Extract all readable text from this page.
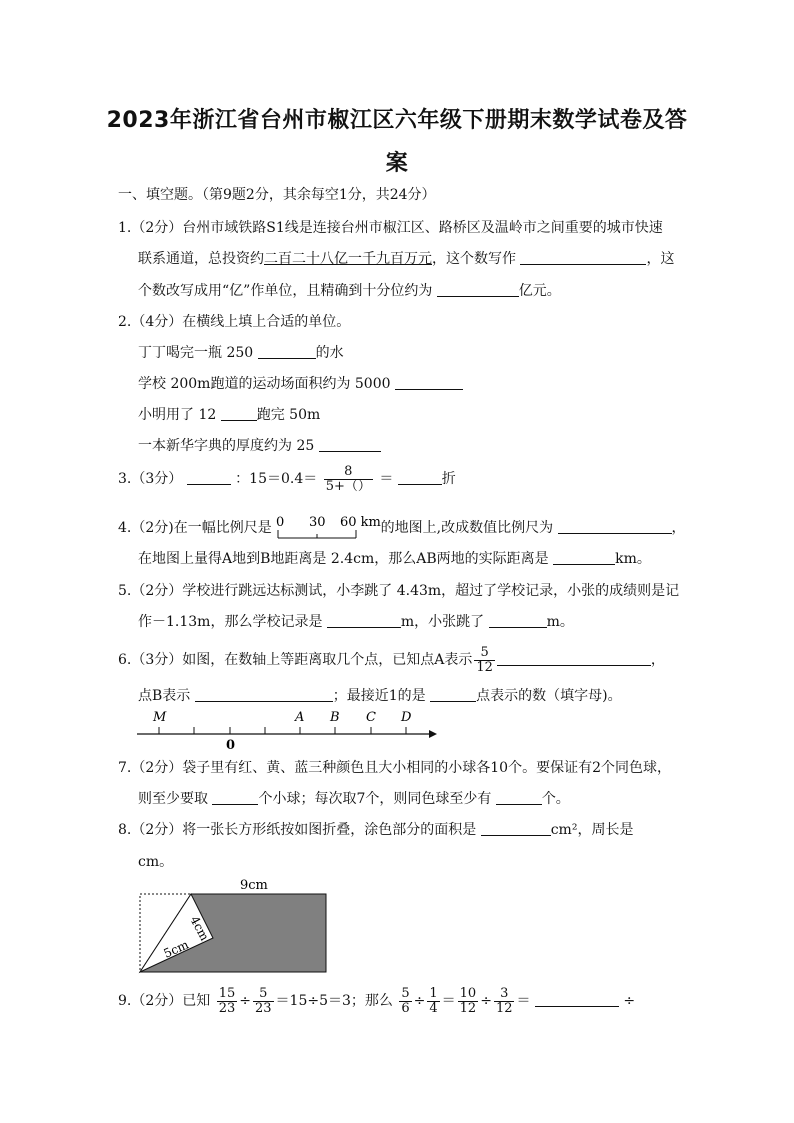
2023年浙江省台州市椒江区六年级下册期末数学试卷及答
案
一、填空题。（第9题2分，其余每空1分，共24分）
1.（2分）台州市域铁路S1线是连接台州市椒江区、路桥区及温岭市之间重要的城市快速
联系通道，总投资约二百二十八亿一千九百万元，这个数写作	，这
个数改写成用“亿”作单位，且精确到十分位约为	亿元。
2.（4分）在横线上填上合适的单位。
丁丁喝完一瓶 250	的水
学校 200m跑道的运动场面积约为 5000
小明用了 12	跑完 50m
一本新华字典的厚度约为 25
3.（3分）	：$15=0.4= \frac{8}{5+()}$ ＝	折
4.（2分)在一幅比例尺是 0 30 60 km 的地图上,改成数值比例尺为	，
在地图上量得A地到B地距离是 2.4cm，那么AB两地的实际距离是	km。
5.（2分）学校进行跳远达标测试，小李跳了 4.43m，超过了学校记录，小张的成绩则是记
作－1.13m，那么学校记录是	m，小张跳了	m。
6.（3分）如图，在数轴上等距离取几个点，已知点A表示 $\frac{5}{12}$	，
点B表示	；最接近1的是	点表示的数（填字母)。
M	A B C D
0
7.（2分）袋子里有红、黄、蓝三种颜色且大小相同的小球各10个。要保证有2个同色球，
则至少要取	个小球；每次取7个，则同色球至少有	个。
8.（2分）将一张长方形纸按如图折叠，涂色部分的面积是	cm²，周长是
cm。
9cm
4cm
5cm
9.（2分）已知 $\frac{15}{23} \div \frac{5}{23} =15\div 5=3$；那么 $\frac{5}{6} \div \frac{1}{4} = \frac{10}{12} \div \frac{3}{12}$ ＝	÷
